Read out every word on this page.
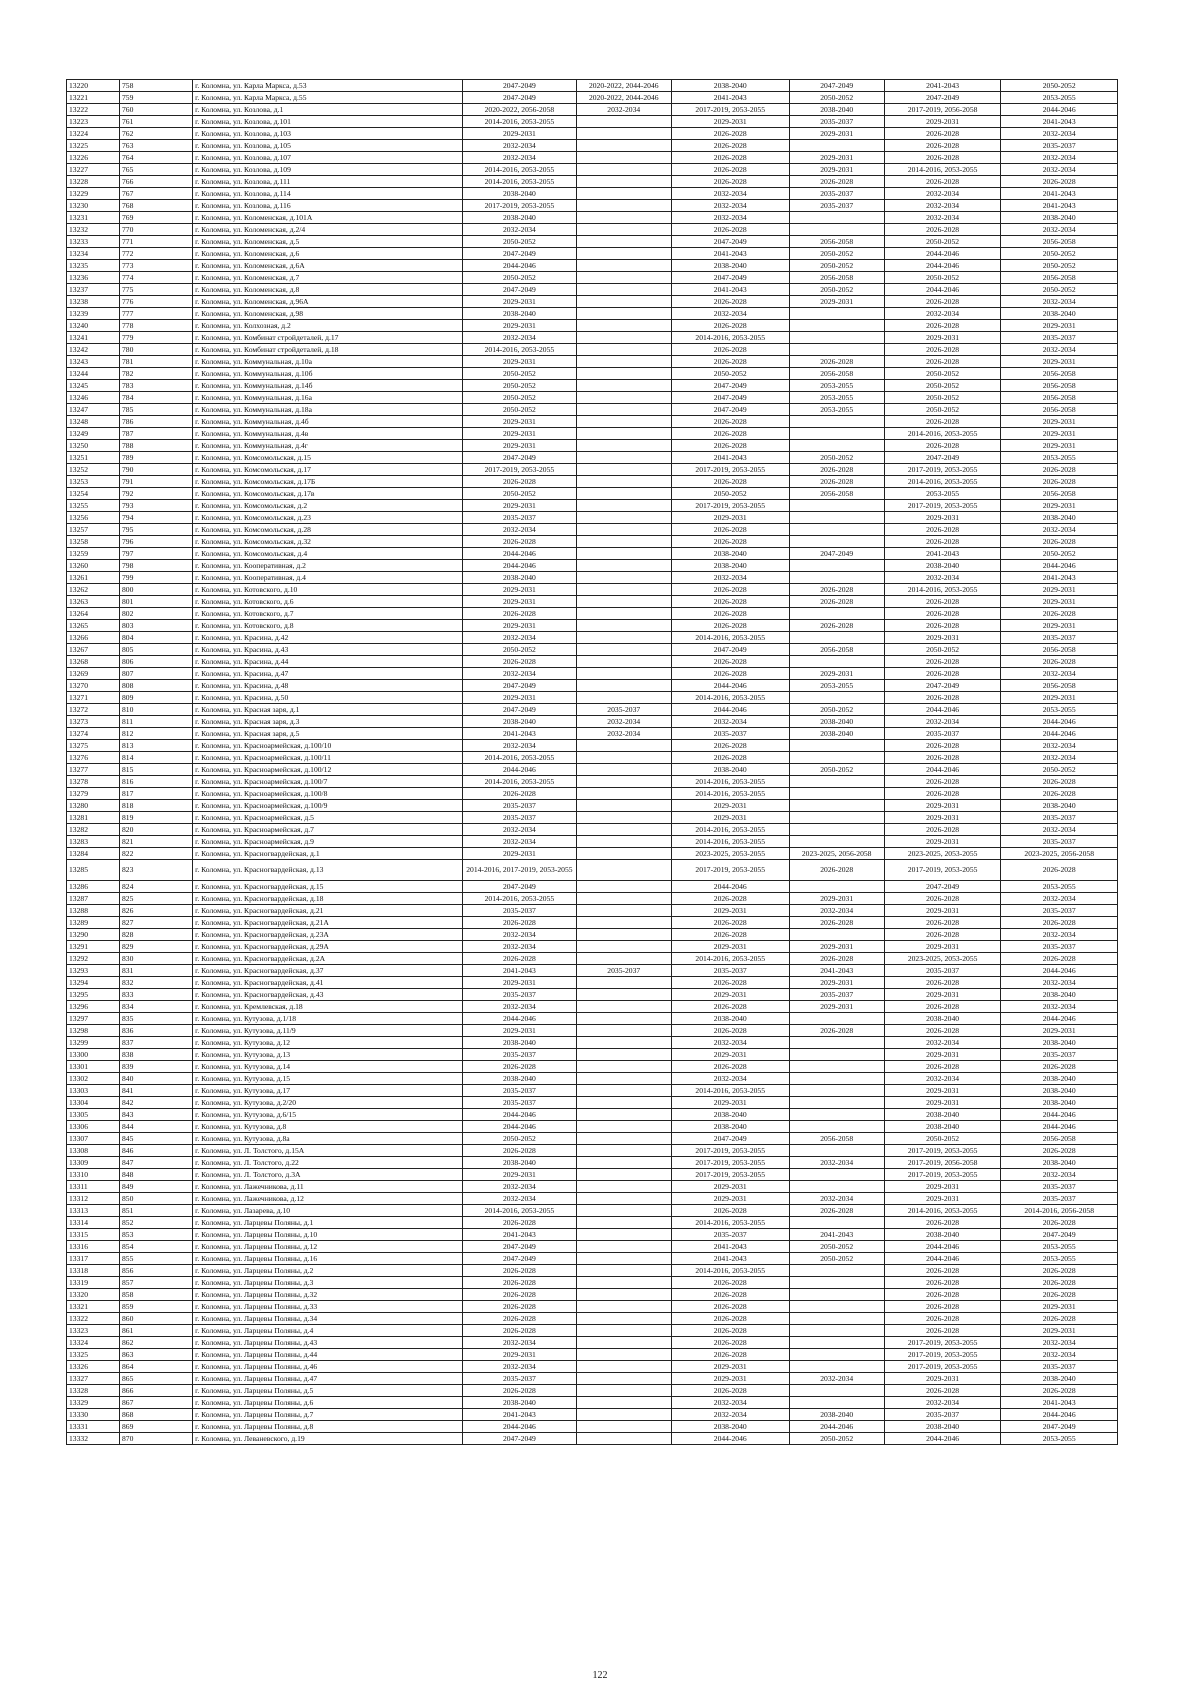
13220	758	г. Коломна, ул. Карла Маркса, д.53	2047-2049	2020-2022, 2044-2046	2038-2040	2047-2049	2041-2043	2050-2052
13221	759	г. Коломна, ул. Карла Маркса, д.55	2047-2049	2020-2022, 2044-2046	2041-2043	2050-2052	2047-2049	2053-2055
13222	760	г. Коломна, ул. Козлова, д.1	2020-2022, 2056-2058	2032-2034	2017-2019, 2053-2055	2038-2040	2017-2019, 2056-2058	2044-2046
13223	761	г. Коломна, ул. Козлова, д.101	2014-2016, 2053-2055		2029-2031	2035-2037	2029-2031	2041-2043
13224	762	г. Коломна, ул. Козлова, д.103	2029-2031		2026-2028	2029-2031	2026-2028	2032-2034
13225	763	г. Коломна, ул. Козлова, д.105	2032-2034		2026-2028		2026-2028	2035-2037
13226	764	г. Коломна, ул. Козлова, д.107	2032-2034		2026-2028	2029-2031	2026-2028	2032-2034
13227	765	г. Коломна, ул. Козлова, д.109	2014-2016, 2053-2055		2026-2028	2029-2031	2014-2016, 2053-2055	2032-2034
13228	766	г. Коломна, ул. Козлова, д.111	2014-2016, 2053-2055		2026-2028	2026-2028	2026-2028	2026-2028
13229	767	г. Коломна, ул. Козлова, д.114	2038-2040		2032-2034	2035-2037	2032-2034	2041-2043
13230	768	г. Коломна, ул. Козлова, д.116	2017-2019, 2053-2055		2032-2034	2035-2037	2032-2034	2041-2043
13231	769	г. Коломна, ул. Коломенская, д.101А	2038-2040		2032-2034		2032-2034	2038-2040
13232	770	г. Коломна, ул. Коломенская, д.2/4	2032-2034		2026-2028		2026-2028	2032-2034
13233	771	г. Коломна, ул. Коломенская, д.5	2050-2052		2047-2049	2056-2058	2050-2052	2056-2058
13234	772	г. Коломна, ул. Коломенская, д.6	2047-2049		2041-2043	2050-2052	2044-2046	2050-2052
13235	773	г. Коломна, ул. Коломенская, д.6А	2044-2046		2038-2040	2050-2052	2044-2046	2050-2052
13236	774	г. Коломна, ул. Коломенская, д.7	2050-2052		2047-2049	2056-2058	2050-2052	2056-2058
13237	775	г. Коломна, ул. Коломенская, д.8	2047-2049		2041-2043	2050-2052	2044-2046	2050-2052
13238	776	г. Коломна, ул. Коломенская, д.96А	2029-2031		2026-2028	2029-2031	2026-2028	2032-2034
13239	777	г. Коломна, ул. Коломенская, д.98	2038-2040		2032-2034		2032-2034	2038-2040
13240	778	г. Коломна, ул. Колхозная, д.2	2029-2031		2026-2028		2026-2028	2029-2031
13241	779	г. Коломна, ул. Комбинат стройдеталей, д.17	2032-2034		2014-2016, 2053-2055		2029-2031	2035-2037
13242	780	г. Коломна, ул. Комбинат стройдеталей, д.18	2014-2016, 2053-2055		2026-2028		2026-2028	2032-2034
13243	781	г. Коломна, ул. Коммунальная, д.10а	2029-2031		2026-2028	2026-2028	2026-2028	2029-2031
13244	782	г. Коломна, ул. Коммунальная, д.10б	2050-2052		2050-2052	2056-2058	2050-2052	2056-2058
13245	783	г. Коломна, ул. Коммунальная, д.14б	2050-2052		2047-2049	2053-2055	2050-2052	2056-2058
13246	784	г. Коломна, ул. Коммунальная, д.16а	2050-2052		2047-2049	2053-2055	2050-2052	2056-2058
13247	785	г. Коломна, ул. Коммунальная, д.18а	2050-2052		2047-2049	2053-2055	2050-2052	2056-2058
13248	786	г. Коломна, ул. Коммунальная, д.4б	2029-2031		2026-2028		2026-2028	2029-2031
13249	787	г. Коломна, ул. Коммунальная, д.4в	2029-2031		2026-2028		2014-2016, 2053-2055	2029-2031
13250	788	г. Коломна, ул. Коммунальная, д.4г	2029-2031		2026-2028		2026-2028	2029-2031
13251	789	г. Коломна, ул. Комсомольская, д.15	2047-2049		2041-2043	2050-2052	2047-2049	2053-2055
13252	790	г. Коломна, ул. Комсомольская, д.17	2017-2019, 2053-2055		2017-2019, 2053-2055	2026-2028	2017-2019, 2053-2055	2026-2028
13253	791	г. Коломна, ул. Комсомольская, д.17Б	2026-2028		2026-2028	2026-2028	2014-2016, 2053-2055	2026-2028
13254	792	г. Коломна, ул. Комсомольская, д.17в	2050-2052		2050-2052	2056-2058	2053-2055	2056-2058
13255	793	г. Коломна, ул. Комсомольская, д.2	2029-2031		2017-2019, 2053-2055		2017-2019, 2053-2055	2029-2031
13256	794	г. Коломна, ул. Комсомольская, д.23	2035-2037		2029-2031		2029-2031	2038-2040
13257	795	г. Коломна, ул. Комсомольская, д.28	2032-2034		2026-2028		2026-2028	2032-2034
13258	796	г. Коломна, ул. Комсомольская, д.32	2026-2028		2026-2028		2026-2028	2026-2028
13259	797	г. Коломна, ул. Комсомольская, д.4	2044-2046		2038-2040	2047-2049	2041-2043	2050-2052
13260	798	г. Коломна, ул. Кооперативная, д.2	2044-2046		2038-2040		2038-2040	2044-2046
13261	799	г. Коломна, ул. Кооперативная, д.4	2038-2040		2032-2034		2032-2034	2041-2043
13262	800	г. Коломна, ул. Котовского, д.10	2029-2031		2026-2028	2026-2028	2014-2016, 2053-2055	2029-2031
13263	801	г. Коломна, ул. Котовского, д.6	2029-2031		2026-2028	2026-2028	2026-2028	2029-2031
13264	802	г. Коломна, ул. Котовского, д.7	2026-2028		2026-2028		2026-2028	2026-2028
13265	803	г. Коломна, ул. Котовского, д.8	2029-2031		2026-2028	2026-2028	2026-2028	2029-2031
13266	804	г. Коломна, ул. Красина, д.42	2032-2034		2014-2016, 2053-2055		2029-2031	2035-2037
13267	805	г. Коломна, ул. Красина, д.43	2050-2052		2047-2049	2056-2058	2050-2052	2056-2058
13268	806	г. Коломна, ул. Красина, д.44	2026-2028		2026-2028		2026-2028	2026-2028
13269	807	г. Коломна, ул. Красина, д.47	2032-2034		2026-2028	2029-2031	2026-2028	2032-2034
13270	808	г. Коломна, ул. Красина, д.48	2047-2049		2044-2046	2053-2055	2047-2049	2056-2058
13271	809	г. Коломна, ул. Красина, д.50	2029-2031		2014-2016, 2053-2055		2026-2028	2029-2031
13272	810	г. Коломна, ул. Красная заря, д.1	2047-2049	2035-2037	2044-2046	2050-2052	2044-2046	2053-2055
13273	811	г. Коломна, ул. Красная заря, д.3	2038-2040	2032-2034	2032-2034	2038-2040	2032-2034	2044-2046
13274	812	г. Коломна, ул. Красная заря, д.5	2041-2043	2032-2034	2035-2037	2038-2040	2035-2037	2044-2046
13275	813	г. Коломна, ул. Красноармейская, д.100/10	2032-2034		2026-2028		2026-2028	2032-2034
13276	814	г. Коломна, ул. Красноармейская, д.100/11	2014-2016, 2053-2055		2026-2028		2026-2028	2032-2034
13277	815	г. Коломна, ул. Красноармейская, д.100/12	2044-2046		2038-2040	2050-2052	2044-2046	2050-2052
13278	816	г. Коломна, ул. Красноармейская, д.100/7	2014-2016, 2053-2055		2014-2016, 2053-2055		2026-2028	2026-2028
13279	817	г. Коломна, ул. Красноармейская, д.100/8	2026-2028		2014-2016, 2053-2055		2026-2028	2026-2028
13280	818	г. Коломна, ул. Красноармейская, д.100/9	2035-2037		2029-2031		2029-2031	2038-2040
13281	819	г. Коломна, ул. Красноармейская, д.5	2035-2037		2029-2031		2029-2031	2035-2037
13282	820	г. Коломна, ул. Красноармейская, д.7	2032-2034		2014-2016, 2053-2055		2026-2028	2032-2034
13283	821	г. Коломна, ул. Красноармейская, д.9	2032-2034		2014-2016, 2053-2055		2029-2031	2035-2037
13284	822	г. Коломна, ул. Красногвардейская, д.1	2029-2031		2023-2025, 2053-2055	2023-2025, 2056-2058	2023-2025, 2053-2055	2023-2025, 2056-2058
13285	823	г. Коломна, ул. Красногвардейская, д.13	2014-2016, 2017-2019, 2053-2055		2017-2019, 2053-2055	2026-2028	2017-2019, 2053-2055	2026-2028
13286	824	г. Коломна, ул. Красногвардейская, д.15	2047-2049		2044-2046		2047-2049	2053-2055
13287	825	г. Коломна, ул. Красногвардейская, д.18	2014-2016, 2053-2055		2026-2028	2029-2031	2026-2028	2032-2034
13288	826	г. Коломна, ул. Красногвардейская, д.21	2035-2037		2029-2031	2032-2034	2029-2031	2035-2037
13289	827	г. Коломна, ул. Красногвардейская, д.21А	2026-2028		2026-2028	2026-2028	2026-2028	2026-2028
13290	828	г. Коломна, ул. Красногвардейская, д.23А	2032-2034		2026-2028		2026-2028	2032-2034
13291	829	г. Коломна, ул. Красногвардейская, д.29А	2032-2034		2029-2031	2029-2031	2029-2031	2035-2037
13292	830	г. Коломна, ул. Красногвардейская, д.2А	2026-2028		2014-2016, 2053-2055	2026-2028	2023-2025, 2053-2055	2026-2028
13293	831	г. Коломна, ул. Красногвардейская, д.37	2041-2043	2035-2037	2035-2037	2041-2043	2035-2037	2044-2046
13294	832	г. Коломна, ул. Красногвардейская, д.41	2029-2031		2026-2028	2029-2031	2026-2028	2032-2034
13295	833	г. Коломна, ул. Красногвардейская, д.43	2035-2037		2029-2031	2035-2037	2029-2031	2038-2040
13296	834	г. Коломна, ул. Кремлевская, д.18	2032-2034		2026-2028	2029-2031	2026-2028	2032-2034
13297	835	г. Коломна, ул. Кутузова, д.1/18	2044-2046		2038-2040		2038-2040	2044-2046
13298	836	г. Коломна, ул. Кутузова, д.11/9	2029-2031		2026-2028	2026-2028	2026-2028	2029-2031
13299	837	г. Коломна, ул. Кутузова, д.12	2038-2040		2032-2034		2032-2034	2038-2040
13300	838	г. Коломна, ул. Кутузова, д.13	2035-2037		2029-2031		2029-2031	2035-2037
13301	839	г. Коломна, ул. Кутузова, д.14	2026-2028		2026-2028		2026-2028	2026-2028
13302	840	г. Коломна, ул. Кутузова, д.15	2038-2040		2032-2034		2032-2034	2038-2040
13303	841	г. Коломна, ул. Кутузова, д.17	2035-2037		2014-2016, 2053-2055		2029-2031	2038-2040
13304	842	г. Коломна, ул. Кутузова, д.2/20	2035-2037		2029-2031		2029-2031	2038-2040
13305	843	г. Коломна, ул. Кутузова, д.6/15	2044-2046		2038-2040		2038-2040	2044-2046
13306	844	г. Коломна, ул. Кутузова, д.8	2044-2046		2038-2040		2038-2040	2044-2046
13307	845	г. Коломна, ул. Кутузова, д.8а	2050-2052		2047-2049	2056-2058	2050-2052	2056-2058
13308	846	г. Коломна, ул. Л. Толстого, д.15А	2026-2028		2017-2019, 2053-2055		2017-2019, 2053-2055	2026-2028
13309	847	г. Коломна, ул. Л. Толстого, д.22	2038-2040		2017-2019, 2053-2055	2032-2034	2017-2019, 2056-2058	2038-2040
13310	848	г. Коломна, ул. Л. Толстого, д.3А	2029-2031		2017-2019, 2053-2055		2017-2019, 2053-2055	2032-2034
13311	849	г. Коломна, ул. Лажечникова, д.11	2032-2034		2029-2031		2029-2031	2035-2037
13312	850	г. Коломна, ул. Лажечникова, д.12	2032-2034		2029-2031	2032-2034	2029-2031	2035-2037
13313	851	г. Коломна, ул. Лазарева, д.10	2014-2016, 2053-2055		2026-2028	2026-2028	2014-2016, 2053-2055	2014-2016, 2056-2058
13314	852	г. Коломна, ул. Ларцевы Поляны, д.1	2026-2028		2014-2016, 2053-2055		2026-2028	2026-2028
13315	853	г. Коломна, ул. Ларцевы Поляны, д.10	2041-2043		2035-2037	2041-2043	2038-2040	2047-2049
13316	854	г. Коломна, ул. Ларцевы Поляны, д.12	2047-2049		2041-2043	2050-2052	2044-2046	2053-2055
13317	855	г. Коломна, ул. Ларцевы Поляны, д.16	2047-2049		2041-2043	2050-2052	2044-2046	2053-2055
13318	856	г. Коломна, ул. Ларцевы Поляны, д.2	2026-2028		2014-2016, 2053-2055		2026-2028	2026-2028
13319	857	г. Коломна, ул. Ларцевы Поляны, д.3	2026-2028		2026-2028		2026-2028	2026-2028
13320	858	г. Коломна, ул. Ларцевы Поляны, д.32	2026-2028		2026-2028		2026-2028	2026-2028
13321	859	г. Коломна, ул. Ларцевы Поляны, д.33	2026-2028		2026-2028		2026-2028	2029-2031
13322	860	г. Коломна, ул. Ларцевы Поляны, д.34	2026-2028		2026-2028		2026-2028	2026-2028
13323	861	г. Коломна, ул. Ларцевы Поляны, д.4	2026-2028		2026-2028		2026-2028	2029-2031
13324	862	г. Коломна, ул. Ларцевы Поляны, д.43	2032-2034		2026-2028		2017-2019, 2053-2055	2032-2034
13325	863	г. Коломна, ул. Ларцевы Поляны, д.44	2029-2031		2026-2028		2017-2019, 2053-2055	2032-2034
13326	864	г. Коломна, ул. Ларцевы Поляны, д.46	2032-2034		2029-2031		2017-2019, 2053-2055	2035-2037
13327	865	г. Коломна, ул. Ларцевы Поляны, д.47	2035-2037		2029-2031	2032-2034	2029-2031	2038-2040
13328	866	г. Коломна, ул. Ларцевы Поляны, д.5	2026-2028		2026-2028		2026-2028	2026-2028
13329	867	г. Коломна, ул. Ларцевы Поляны, д.6	2038-2040		2032-2034		2032-2034	2041-2043
13330	868	г. Коломна, ул. Ларцевы Поляны, д.7	2041-2043		2032-2034	2038-2040	2035-2037	2044-2046
13331	869	г. Коломна, ул. Ларцевы Поляны, д.8	2044-2046		2038-2040	2044-2046	2038-2040	2047-2049
13332	870	г. Коломна, ул. Леваневского, д.19	2047-2049		2044-2046	2050-2052	2044-2046	2053-2055
122
